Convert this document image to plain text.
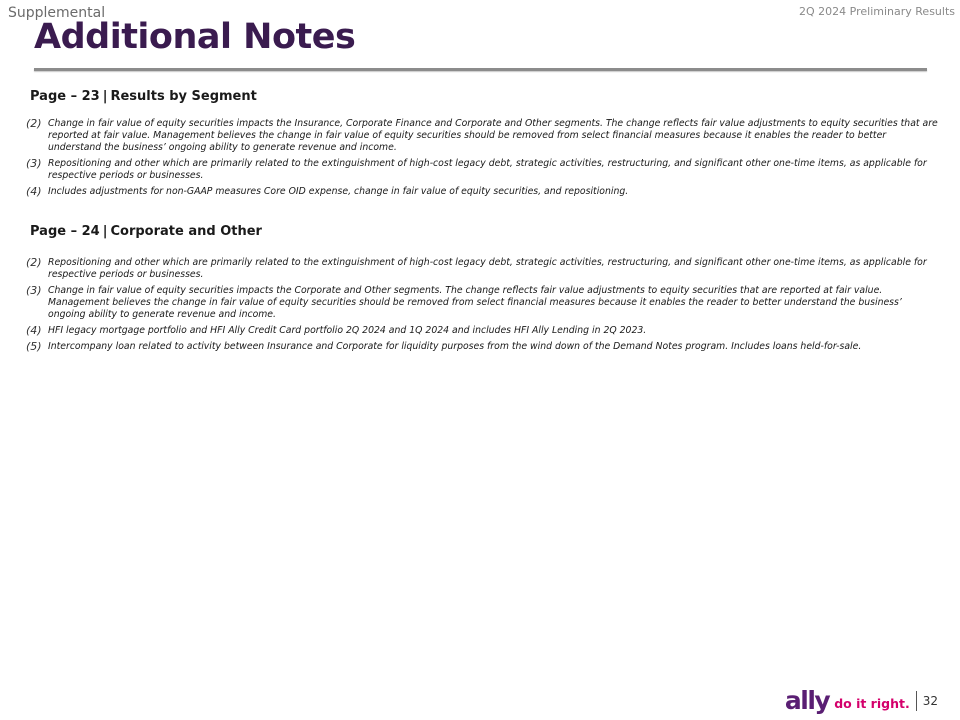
Supplemental	2Q 2024 Preliminary Results
Additional Notes
Page – 23 | Results by Segment
(2) Change in fair value of equity securities impacts the Insurance, Corporate Finance and Corporate and Other segments. The change reflects fair value adjustments to equity securities that are reported at fair value. Management believes the change in fair value of equity securities should be removed from select financial measures because it enables the reader to better understand the business’ ongoing ability to generate revenue and income.
(3) Repositioning and other which are primarily related to the extinguishment of high-cost legacy debt, strategic activities, restructuring, and significant other one-time items, as applicable for respective periods or businesses.
(4) Includes adjustments for non-GAAP measures Core OID expense, change in fair value of equity securities, and repositioning.
Page – 24 | Corporate and Other
(2) Repositioning and other which are primarily related to the extinguishment of high-cost legacy debt, strategic activities, restructuring, and significant other one-time items, as applicable for respective periods or businesses.
(3) Change in fair value of equity securities impacts the Corporate and Other segments. The change reflects fair value adjustments to equity securities that are reported at fair value. Management believes the change in fair value of equity securities should be removed from select financial measures because it enables the reader to better understand the business’ ongoing ability to generate revenue and income.
(4) HFI legacy mortgage portfolio and HFI Ally Credit Card portfolio 2Q 2024 and 1Q 2024 and includes HFI Ally Lending in 2Q 2023.
(5) Intercompany loan related to activity between Insurance and Corporate for liquidity purposes from the wind down of the Demand Notes program. Includes loans held-for-sale.
ally do it right. 32
